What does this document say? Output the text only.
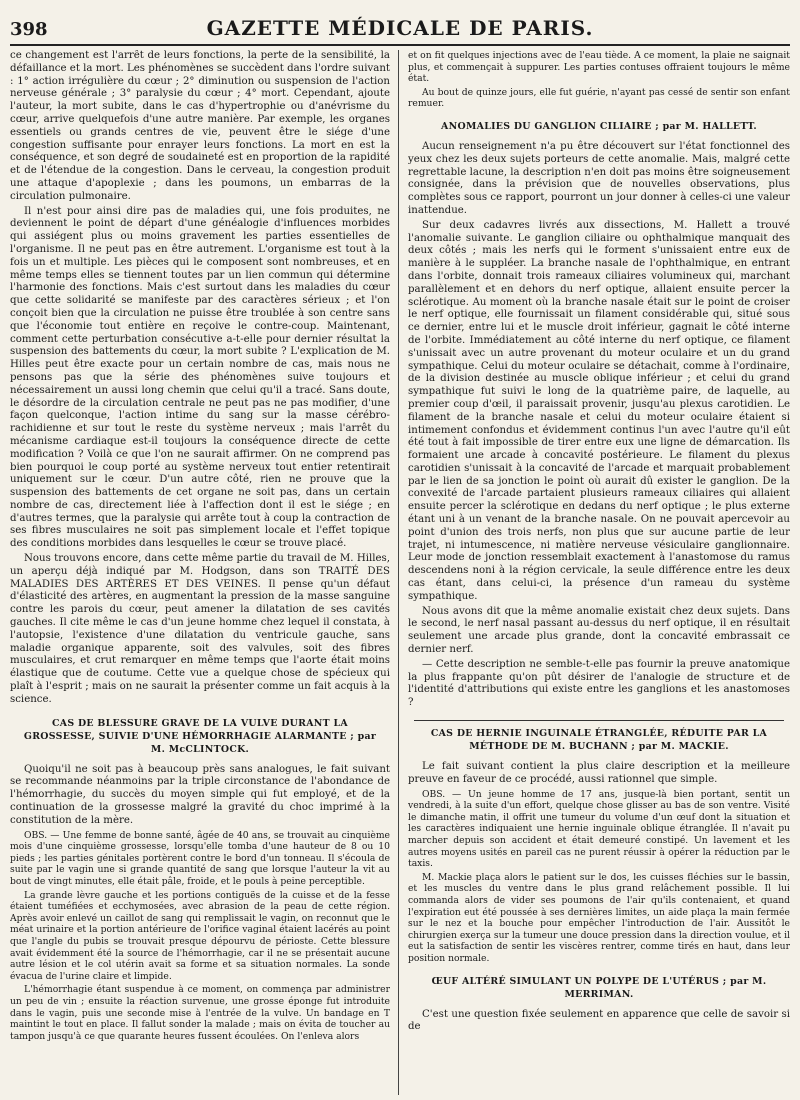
398	GAZETTE MÉDICALE DE PARIS.

ce changement est l'arrêt de leurs fonctions, la perte de la sensibilité, la défaillance et la mort. Les phénomènes se succèdent dans l'ordre suivant : 1° action irrégulière du cœur ; 2° diminution ou suspension de l'action nerveuse générale ; 3° paralysie du cœur ; 4° mort. Cependant, ajoute l'auteur, la mort subite, dans le cas d'hypertrophie ou d'anévrisme du cœur, arrive quelquefois d'une autre manière. Par exemple, les organes essentiels ou grands centres de vie, peuvent être le siége d'une congestion suffisante pour enrayer leurs fonctions. La mort en est la conséquence, et son degré de soudaineté est en proportion de la rapidité et de l'étendue de la congestion. Dans le cerveau, la congestion produit une attaque d'apoplexie ; dans les poumons, un embarras de la circulation pulmonaire.

Il n'est pour ainsi dire pas de maladies qui, une fois produites, ne deviennent le point de départ d'une généalogie d'influences morbides qui assiégent plus ou moins gravement les parties essentielles de l'organisme. Il ne peut pas en être autrement. L'organisme est tout à la fois un et multiple. Les pièces qui le composent sont nombreuses, et en même temps elles se tiennent toutes par un lien commun qui détermine l'harmonie des fonctions. Mais c'est surtout dans les maladies du cœur que cette solidarité se manifeste par des caractères sérieux ; et l'on conçoit bien que la circulation ne puisse être troublée à son centre sans que l'économie tout entière en reçoive le contre-coup. Maintenant, comment cette perturbation consécutive a-t-elle pour dernier résultat la suspension des battements du cœur, la mort subite ? L'explication de M. Hilles peut être exacte pour un certain nombre de cas, mais nous ne pensons pas que la série des phénomènes suive toujours et nécessairement un aussi long chemin que celui qu'il a tracé. Sans doute, le désordre de la circulation centrale ne peut pas ne pas modifier, d'une façon quelconque, l'action intime du sang sur la masse cérébro-rachidienne et sur tout le reste du système nerveux ; mais l'arrêt du mécanisme cardiaque est-il toujours la conséquence directe de cette modification ? Voilà ce que l'on ne saurait affirmer. On ne comprend pas bien pourquoi le coup porté au système nerveux tout entier retentirait uniquement sur le cœur. D'un autre côté, rien ne prouve que la suspension des battements de cet organe ne soit pas, dans un certain nombre de cas, directement liée à l'affection dont il est le siége ; en d'autres termes, que la paralysie qui arrête tout à coup la contraction de ses fibres musculaires ne soit pas simplement locale et l'effet topique des conditions morbides dans lesquelles le cœur se trouve placé.

Nous trouvons encore, dans cette même partie du travail de M. Hilles, un aperçu déjà indiqué par M. Hodgson, dans son TRAITÉ DES MALADIES DES ARTÈRES ET DES VEINES. Il pense qu'un défaut d'élasticité des artères, en augmentant la pression de la masse sanguine contre les parois du cœur, peut amener la dilatation de ses cavités gauches. Il cite même le cas d'un jeune homme chez lequel il constata, à l'autopsie, l'existence d'une dilatation du ventricule gauche, sans maladie organique apparente, soit des valvules, soit des fibres musculaires, et crut remarquer en même temps que l'aorte était moins élastique que de coutume. Cette vue a quelque chose de spécieux qui plaît à l'esprit ; mais on ne saurait la présenter comme un fait acquis à la science.

CAS DE BLESSURE GRAVE DE LA VULVE DURANT LA GROSSESSE, SUIVIE D'UNE HÉMORRHAGIE ALARMANTE ; par M. McCLINTOCK.

Quoiqu'il ne soit pas à beaucoup près sans analogues, le fait suivant se recommande néanmoins par la triple circonstance de l'abondance de l'hémorrhagie, du succès du moyen simple qui fut employé, et de la continuation de la grossesse malgré la gravité du choc imprimé à la constitution de la mère.

OBS. — Une femme de bonne santé, âgée de 40 ans, se trouvait au cinquième mois d'une cinquième grossesse, lorsqu'elle tomba d'une hauteur de 8 ou 10 pieds ; les parties génitales portèrent contre le bord d'un tonneau. Il s'écoula de suite par le vagin une si grande quantité de sang que lorsque l'auteur la vit au bout de vingt minutes, elle était pâle, froide, et le pouls à peine perceptible.

La grande lèvre gauche et les portions contiguës de la cuisse et de la fesse étaient tuméfiées et ecchymosées, avec abrasion de la peau de cette région. Après avoir enlevé un caillot de sang qui remplissait le vagin, on reconnut que le méat urinaire et la portion antérieure de l'orifice vaginal étaient lacérés au point que l'angle du pubis se trouvait presque dépourvu de périoste. Cette blessure avait évidemment été la source de l'hémorrhagie, car il ne se présentait aucune autre lésion et le col utérin avait sa forme et sa situation normales. La sonde évacua de l'urine claire et limpide.

L'hémorrhagie étant suspendue à ce moment, on commença par administrer un peu de vin ; ensuite la réaction survenue, une grosse éponge fut introduite dans le vagin, puis une seconde mise à l'entrée de la vulve. Un bandage en T maintint le tout en place. Il fallut sonder la malade ; mais on évita de toucher au tampon jusqu'à ce que quarante heures fussent écoulées. On l'enleva alors

et on fit quelques injections avec de l'eau tiède. A ce moment, la plaie ne saignait plus, et commençait à suppurer. Les parties contuses offraient toujours le même état.

Au bout de quinze jours, elle fut guérie, n'ayant pas cessé de sentir son enfant remuer.

ANOMALIES DU GANGLION CILIAIRE ; par M. HALLETT.

Aucun renseignement n'a pu être découvert sur l'état fonctionnel des yeux chez les deux sujets porteurs de cette anomalie. Mais, malgré cette regrettable lacune, la description n'en doit pas moins être soigneusement consignée, dans la prévision que de nouvelles observations, plus complètes sous ce rapport, pourront un jour donner à celles-ci une valeur inattendue.

Sur deux cadavres livrés aux dissections, M. Hallett a trouvé l'anomalie suivante. Le ganglion ciliaire ou ophthalmique manquait des deux côtés ; mais les nerfs qui le forment s'unissaient entre eux de manière à le suppléer. La branche nasale de l'ophthalmique, en entrant dans l'orbite, donnait trois rameaux ciliaires volumineux qui, marchant parallèlement et en dehors du nerf optique, allaient ensuite percer la sclérotique. Au moment où la branche nasale était sur le point de croiser le nerf optique, elle fournissait un filament considérable qui, situé sous ce dernier, entre lui et le muscle droit inférieur, gagnait le côté interne de l'orbite. Immédiatement au côté interne du nerf optique, ce filament s'unissait avec un autre provenant du moteur oculaire et un du grand sympathique. Celui du moteur oculaire se détachait, comme à l'ordinaire, de la division destinée au muscle oblique inférieur ; et celui du grand sympathique fut suivi le long de la quatrième paire, de laquelle, au premier coup d'œil, il paraissait provenir, jusqu'au plexus carotidien. Le filament de la branche nasale et celui du moteur oculaire étaient si intimement confondus et évidemment continus l'un avec l'autre qu'il eût été tout à fait impossible de tirer entre eux une ligne de démarcation. Ils formaient une arcade à concavité postérieure. Le filament du plexus carotidien s'unissait à la concavité de l'arcade et marquait probablement par le lien de sa jonction le point où aurait dû exister le ganglion. De la convexité de l'arcade partaient plusieurs rameaux ciliaires qui allaient ensuite percer la sclérotique en dedans du nerf optique ; le plus externe étant uni à un venant de la branche nasale. On ne pouvait apercevoir au point d'union des trois nerfs, non plus que sur aucune partie de leur trajet, ni intumescence, ni matière nerveuse vésiculaire ganglionnaire. Leur mode de jonction ressemblait exactement à l'anastomose du ramus descendens noni à la région cervicale, la seule différence entre les deux cas étant, dans celui-ci, la présence d'un rameau du système sympathique.

Nous avons dit que la même anomalie existait chez deux sujets. Dans le second, le nerf nasal passant au-dessus du nerf optique, il en résultait seulement une arcade plus grande, dont la concavité embrassait ce dernier nerf.

— Cette description ne semble-t-elle pas fournir la preuve anatomique la plus frappante qu'on pût désirer de l'analogie de structure et de l'identité d'attributions qui existe entre les ganglions et les anastomoses ?

CAS DE HERNIE INGUINALE ÉTRANGLÉE, RÉDUITE PAR LA MÉTHODE DE M. BUCHANN ; par M. MACKIE.

Le fait suivant contient la plus claire description et la meilleure preuve en faveur de ce procédé, aussi rationnel que simple.

OBS. — Un jeune homme de 17 ans, jusque-là bien portant, sentit un vendredi, à la suite d'un effort, quelque chose glisser au bas de son ventre. Visité le dimanche matin, il offrit une tumeur du volume d'un œuf dont la situation et les caractères indiquaient une hernie inguinale oblique étranglée. Il n'avait pu marcher depuis son accident et était demeuré constipé. Un lavement et les autres moyens usités en pareil cas ne purent réussir à opérer la réduction par le taxis.

M. Mackie plaça alors le patient sur le dos, les cuisses fléchies sur le bassin, et les muscles du ventre dans le plus grand relâchement possible. Il lui commanda alors de vider ses poumons de l'air qu'ils contenaient, et quand l'expiration eut été poussée à ses dernières limites, un aide plaça la main fermée sur le nez et la bouche pour empêcher l'introduction de l'air. Aussitôt le chirurgien exerça sur la tumeur une douce pression dans la direction voulue, et il eut la satisfaction de sentir les viscères rentrer, comme tirés en haut, dans leur position normale.

ŒUF ALTÉRÉ SIMULANT UN POLYPE DE L'UTÉRUS ; par M. MERRIMAN.

C'est une question fixée seulement en apparence que celle de savoir si de
